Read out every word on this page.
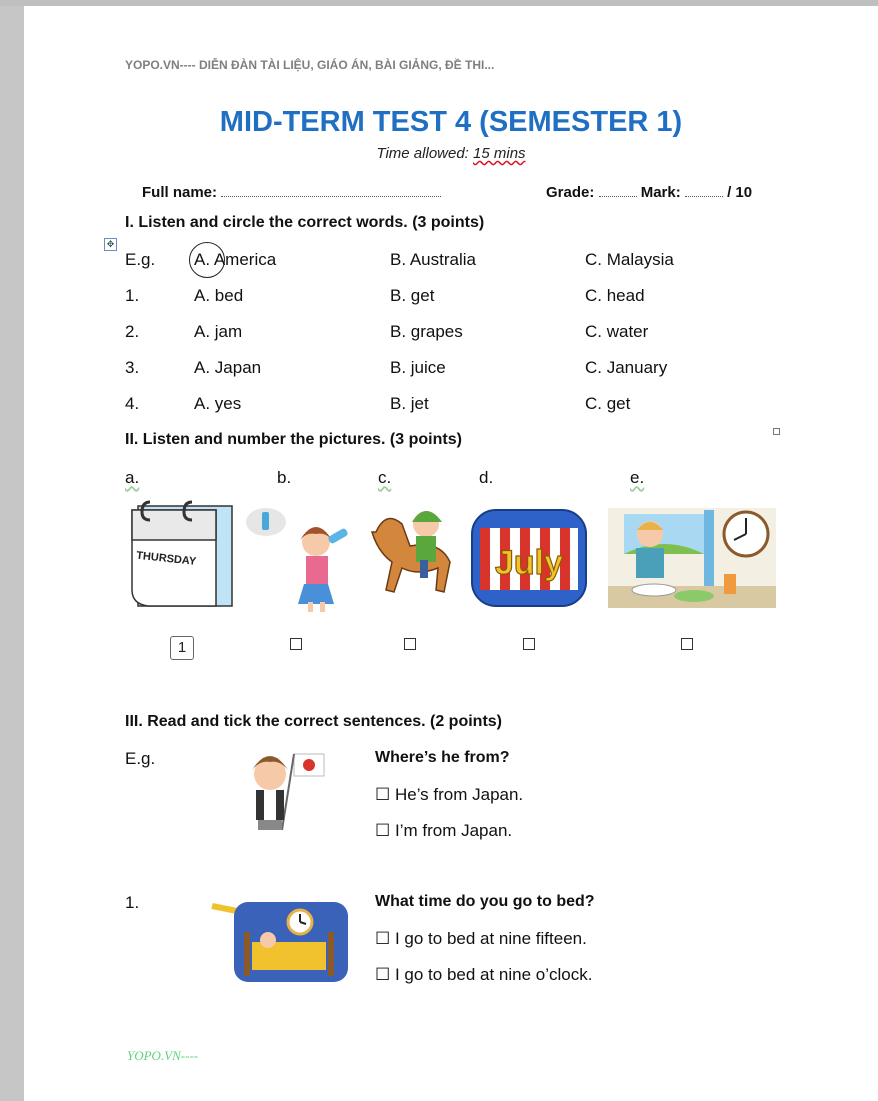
YOPO.VN---- DIỄN ĐÀN TÀI LIỆU, GIÁO ÁN, BÀI GIẢNG, ĐỀ THI...
MID-TERM TEST 4 (SEMESTER 1)
Time allowed: 15 mins
Full name:	Grade:	Mark:	/ 10
I. Listen and circle the correct words. (3 points)
✥
E.g. A. America	B. Australia	C. Malaysia
1.	A. bed	B. get	C. head
2.	A. jam	B. grapes	C. water
3.	A. Japan	B. juice	C. January
4.	A. yes	B. jet	C. get
II. Listen and number the pictures. (3 points)
a.	b.	c.	d.	e.
THURSDAY	July
1
III. Read and tick the correct sentences. (2 points)
E.g.	Where’s he from?
☐ He’s from Japan.
☐ I’m from Japan.
1.	What time do you go to bed?
☐ I go to bed at nine fifteen.
☐ I go to bed at nine o’clock.
YOPO.VN----
